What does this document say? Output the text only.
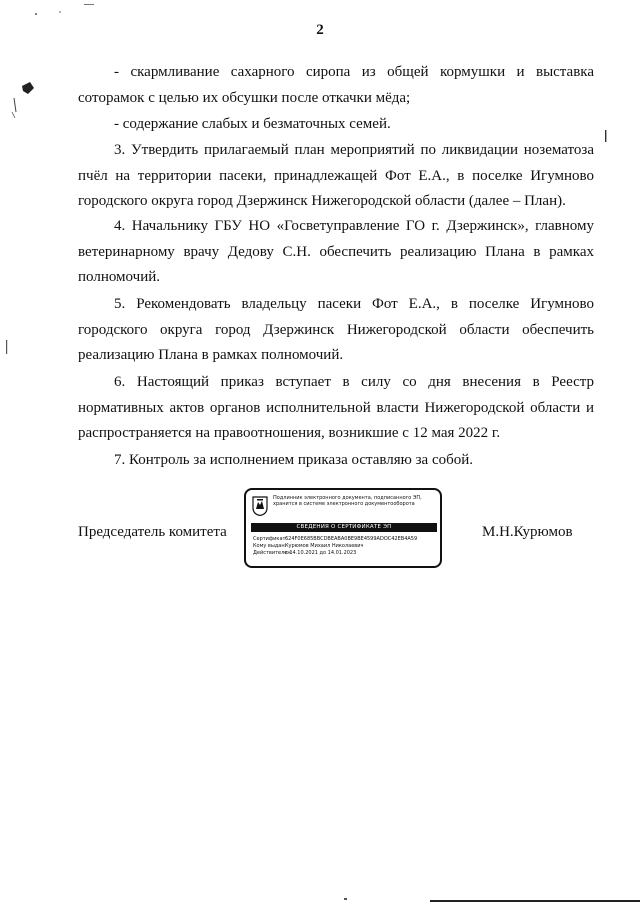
2
- скармливание сахарного сиропа из общей кормушки и выставка сотoрамок с целью их обсушки после откачки мёда;
- содержание слабых и безматочных семей.
3. Утвердить прилагаемый план мероприятий по ликвидации нозематоза пчёл на территории пасеки, принадлежащей Фот Е.А., в поселке Игумново городского округа город Дзержинск Нижегородской области (далее – План).
4. Начальнику ГБУ НО «Госветуправление ГО г. Дзержинск», главному ветеринарному врачу Дедову С.Н. обеспечить реализацию Плана в рамках полномочий.
5. Рекомендовать владельцу пасеки Фот Е.А., в поселке Игумново городского округа город Дзержинск Нижегородской области обеспечить реализацию Плана в рамках полномочий.
6. Настоящий приказ вступает в силу со дня внесения в Реестр нормативных актов органов исполнительной власти Нижегородской области и распространяется на правоотношения, возникшие с 12 мая 2022 г.
7. Контроль за исполнением приказа оставляю за собой.
Председатель комитета	М.Н.Курюмов
Подлинник электронного документа, подписанного ЭП, хранится в системе электронного документооборота
СВЕДЕНИЯ О СЕРТИФИКАТЕ ЭП
Сертификат:624F0E685BBCDBEABA0BE9BE4599ADOC42EB4A59
Кому выдан:Курюмов Михаил Николаевич
Действителен:с 14.10.2021 до 14.01.2023
